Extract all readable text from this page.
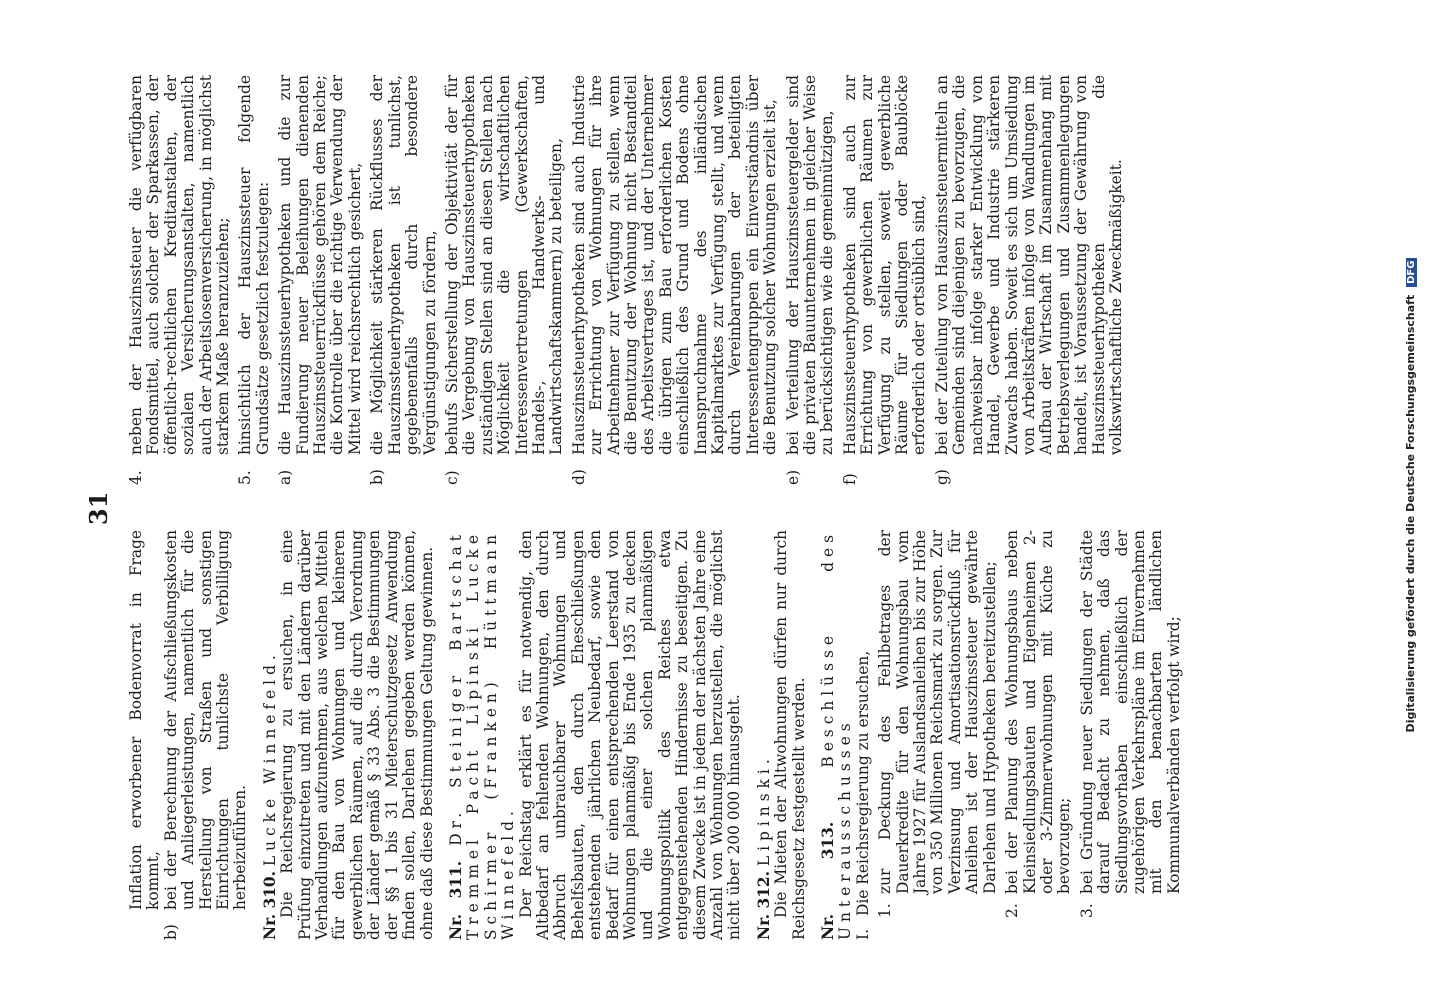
31

Inflation erworbener Bodenvorrat in Frage kommt,

b)
bei der Berechnung der Aufschließungskosten und Anliegerleistungen, namentlich für die Herstellung von Straßen und sonstigen Einrichtungen tunlichste Verbilligung herbeizuführen. Nr. 310. Lucke Winnefeld. Die Reichsregierung zu ersuchen, in eine Prüfung einzutreten und mit den Ländern darüber Verhandlungen aufzunehmen, aus welchen Mitteln für den Bau von Wohnungen und kleineren gewerblichen Räumen, auf die durch Verordnung der Länder gemäß § 33 Abs. 3 die Bestimmungen der §§ 1 bis 31 Mieterschutzgesetz Anwendung finden sollen, Darlehen gegeben werden können, ohne daß diese Bestimmungen Geltung gewinnen. Nr. 311. Dr. Steiniger Bartschat Tremmel Pacht Lipinski Lucke Schirmer (Franken) Hüttmann Winnefeld. Der Reichstag erklärt es für notwendig, den Altbedarf an fehlenden Wohnungen, den durch Abbruch unbrauchbarer Wohnungen und Behelfsbauten, den durch Eheschließungen entstehenden jährlichen Neubedarf, sowie den Bedarf für einen entsprechenden Leerstand von Wohnungen planmäßig bis Ende 1935 zu decken und die einer solchen planmäßigen Wohnungspolitik des Reiches etwa entgegenstehenden Hindernisse zu beseitigen. Zu diesem Zwecke ist in jedem der nächsten Jahre eine Anzahl von Wohnungen herzustellen, die möglichst nicht über 200 000 hinausgeht. Nr. 312. Lipinski. Die Mieten der Altwohnungen dürfen nur durch Reichsgesetz festgestellt werden. Nr. 313. Beschlüsse des Unterausschusses I.
Die Reichsregierung zu ersuchen, 1.
zur Deckung des Fehlbetrages der Dauerkredite für den Wohnungsbau vom Jahre 1927 für Auslandsanleihen bis zur Höhe von 350 Millionen Reichsmark zu sorgen. Zur Verzinsung und Amortisationsrückfluß für Anleihen ist der Hauszinssteuer gewährte Darlehen und Hypotheken bereitzustellen;
2.
bei der Planung des Wohnungsbaus neben Kleinsiedlungsbauten und Eigenheimen 2- oder 3-Zimmerwohnungen mit Küche zu bevorzugen;
3.
bei Gründung neuer Siedlungen der Städte darauf Bedacht zu nehmen, daß das Siedlungsvorhaben einschließlich der zugehörigen Verkehrspläne im Einvernehmen mit den benachbarten ländlichen Kommunalverbänden verfolgt wird;
4.
neben der Hauszinssteuer die verfügbaren Fondsmittel, auch solcher der Sparkassen, der öffentlich-rechtlichen Kreditanstalten, der sozialen Versicherungsanstalten, namentlich auch der Arbeitslosenversicherung, in möglichst starkem Maße heranzuziehen;
5.
hinsichtlich der Hauszinssteuer folgende Grundsätze gesetzlich festzulegen:
a)
die Hauszinssteuerhypotheken und die zur Fundierung neuer Beleihungen dienenden Hauszinssteuerrückflüsse gehören dem Reiche; die Kontrolle über die richtige Verwendung der Mittel wird reichsrechtlich gesichert,
b)
die Möglichkeit stärkeren Rückflusses der Hauszinssteuerhypotheken ist tunlichst, gegebenenfalls durch besondere Vergünstigungen zu fördern,
c)
behufs Sicherstellung der Objektivität der für die Vergebung von Hauszinssteuerhypotheken zuständigen Stellen sind an diesen Stellen nach Möglichkeit die wirtschaftlichen Interessenvertretungen (Gewerkschaften, Handels-, Handwerks- und Landwirtschaftskammern) zu beteiligen,
d)
Hauszinssteuerhypotheken sind auch Industrie zur Errichtung von Wohnungen für ihre Arbeitnehmer zur Verfügung zu stellen, wenn die Benutzung der Wohnung nicht Bestandteil des Arbeitsvertrages ist, und der Unternehmer die übrigen zum Bau erforderlichen Kosten einschließlich des Grund und Bodens ohne Inanspruchnahme des inländischen Kapitalmarktes zur Verfügung stellt, und wenn durch Vereinbarungen der beteiligten Interessentengruppen ein Einverständnis über die Benutzung solcher Wohnungen erzielt ist,
e)
bei Verteilung der Hauszinssteuergelder sind die privaten Bauunternehmen in gleicher Weise zu berücksichtigen wie die gemeinnützigen,
f)
Hauszinssteuerhypotheken sind auch zur Errichtung von gewerblichen Räumen zur Verfügung zu stellen, soweit gewerbliche Räume für Siedlungen oder Baublöcke erforderlich oder ortsüblich sind,
g)
bei der Zuteilung von Hauszinssteuermitteln an Gemeinden sind diejenigen zu bevorzugen, die nachweisbar infolge starker Entwicklung von Handel, Gewerbe und Industrie stärkeren Zuwachs haben. Soweit es sich um Umsiedlung von Arbeitskräften infolge von Wandlungen im Aufbau der Wirtschaft im Zusammenhang mit Betriebsverlegungen und Zusammenlegungen handelt, ist Voraussetzung der Gewährung von Hauszinssteuerhypotheken die volkswirtschaftliche Zweckmäßigkeit.	Digitalisierung gefördert durch die Deutsche Forschungsgemeinschaft DFG
